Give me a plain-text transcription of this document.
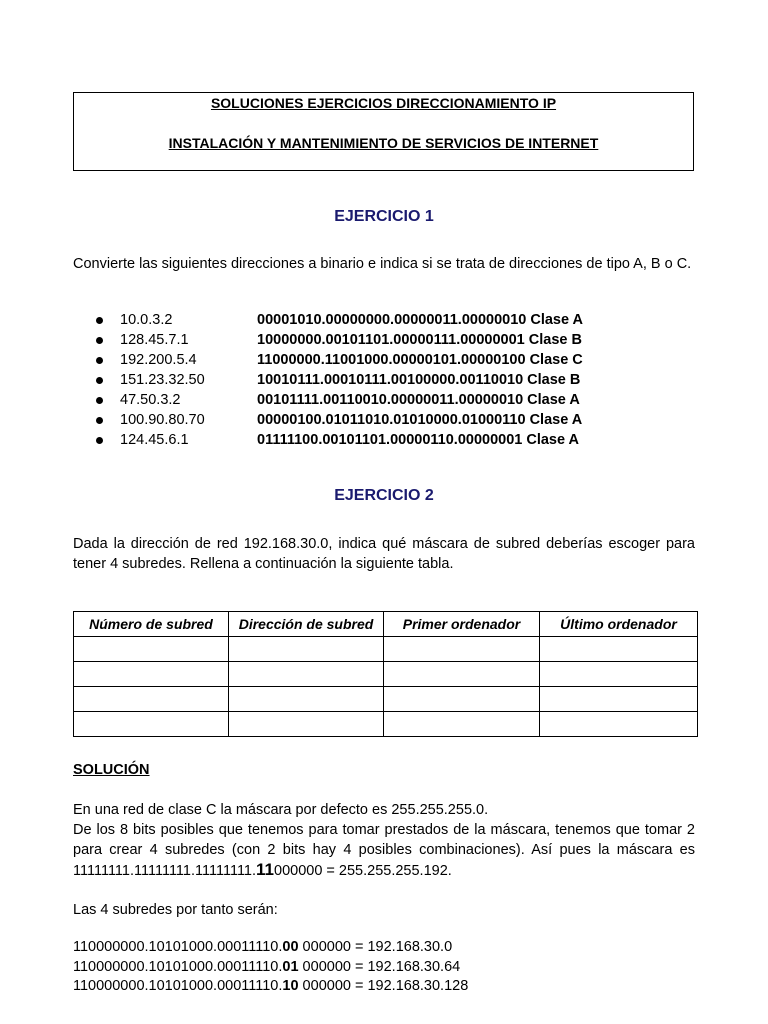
SOLUCIONES EJERCICIOS DIRECCIONAMIENTO IP
INSTALACIÓN Y MANTENIMIENTO DE SERVICIOS DE INTERNET
EJERCICIO 1
Convierte las siguientes direcciones a binario e indica si se trata de direcciones de tipo A, B o C.
10.0.3.2	00001010.00000000.00000011.00000010 Clase A
128.45.7.1	10000000.00101101.00000111.00000001 Clase B
192.200.5.4	11000000.11001000.00000101.00000100 Clase C
151.23.32.50	10010111.00010111.00100000.00110010 Clase B
47.50.3.2	00101111.00110010.00000011.00000010 Clase A
100.90.80.70	00000100.01011010.01010000.01000110 Clase A
124.45.6.1	01111100.00101101.00000110.00000001 Clase A
EJERCICIO 2
Dada la dirección de red 192.168.30.0, indica qué máscara de subred deberías escoger para tener 4 subredes. Rellena a continuación la siguiente tabla.
Número de subred	Dirección de subred	Primer ordenador	Último ordenador

SOLUCIÓN
En una red de clase C la máscara por defecto es 255.255.255.0.
De los 8 bits posibles que tenemos para tomar prestados de la máscara, tenemos que tomar 2 para crear 4 subredes (con 2 bits hay 4 posibles combinaciones). Así pues la máscara es 11111111.11111111.11111111.11000000 = 255.255.255.192.
Las 4 subredes por tanto serán:
110000000.10101000.00011110.00 000000 = 192.168.30.0
110000000.10101000.00011110.01 000000 = 192.168.30.64
110000000.10101000.00011110.10 000000 = 192.168.30.128
